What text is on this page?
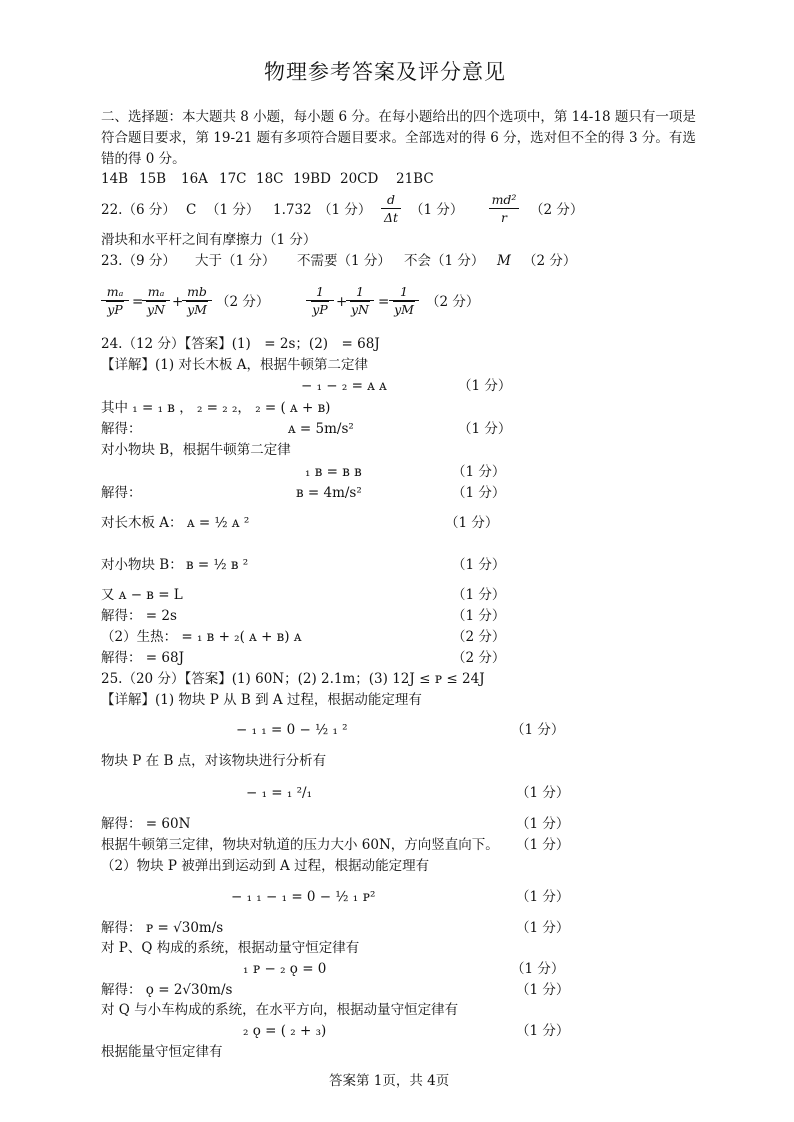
物理参考答案及评分意见
二、选择题：本大题共 8 小题，每小题 6 分。在每小题给出的四个选项中，第 14-18 题只有一项是
符合题目要求，第 19-21 题有多项符合题目要求。全部选对的得 6 分，选对但不全的得 3 分。有选
错的得 0 分。
14B 15B 16A 17C 18C 19BD 20CD 21BC
22.（6 分） C （1 分） 1.732 （1 分）
d
Δt （1 分）
md²
r	（2 分）
滑块和水平杆之间有摩擦力（1 分）
23.（9 分） 大于（1 分） 不需要（1 分） 不会（1 分） M （2 分）
mₐ
yP =
mₐ
yN +
mb
yM （2 分）
1
yP +
1
yN =
1
yM （2 分）
24.（12 分）【答案】(1)　= 2s；(2)　= 68J
【详解】(1) 对长木板 A，根据牛顿第二定律
− ₁ − ₂ = ᴀ ᴀ	（1 分）
其中 ₁ = ₁ ʙ ， ₂ = ₂ ₂， ₂ = ( ᴀ + ʙ)
解得：	ᴀ = 5m/s²	（1 分）
对小物块 B，根据牛顿第二定律
₁ ʙ = ʙ ʙ	（1 分）
解得：	ʙ = 4m/s²	（1 分）
对长木板 A： ᴀ = ½ ᴀ ²	（1 分）
对小物块 B： ʙ = ½ ʙ ²	（1 分）
又 ᴀ − ʙ = L	（1 分）
解得： = 2s	（1 分）
（2）生热： = ₁ ʙ + ₂( ᴀ + ʙ) ᴀ	（2 分）
解得： = 68J	（2 分）
25.（20 分）【答案】(1) 60N；(2) 2.1m；(3) 12J ≤ ᴘ ≤ 24J
【详解】(1) 物块 P 从 B 到 A 过程，根据动能定理有
− ₁ ₁ = 0 − ½ ₁ ²	（1 分）
物块 P 在 B 点，对该物块进行分析有
− ₁ = ₁ ²/₁	（1 分）
解得： = 60N	（1 分）
根据牛顿第三定律，物块对轨道的压力大小 60N，方向竖直向下。 （1 分）
（2）物块 P 被弹出到运动到 A 过程，根据动能定理有
− ₁ ₁ − ₁ = 0 − ½ ₁ ᴘ²	（1 分）
解得： ᴘ = √30m/s	（1 分）
对 P、Q 构成的系统，根据动量守恒定律有
₁ ᴘ − ₂ ǫ = 0	（1 分）
解得： ǫ = 2√30m/s	（1 分）
对 Q 与小车构成的系统，在水平方向，根据动量守恒定律有
₂ ǫ = ( ₂ + ₃)	（1 分）
根据能量守恒定律有
答案第 1页，共 4页
